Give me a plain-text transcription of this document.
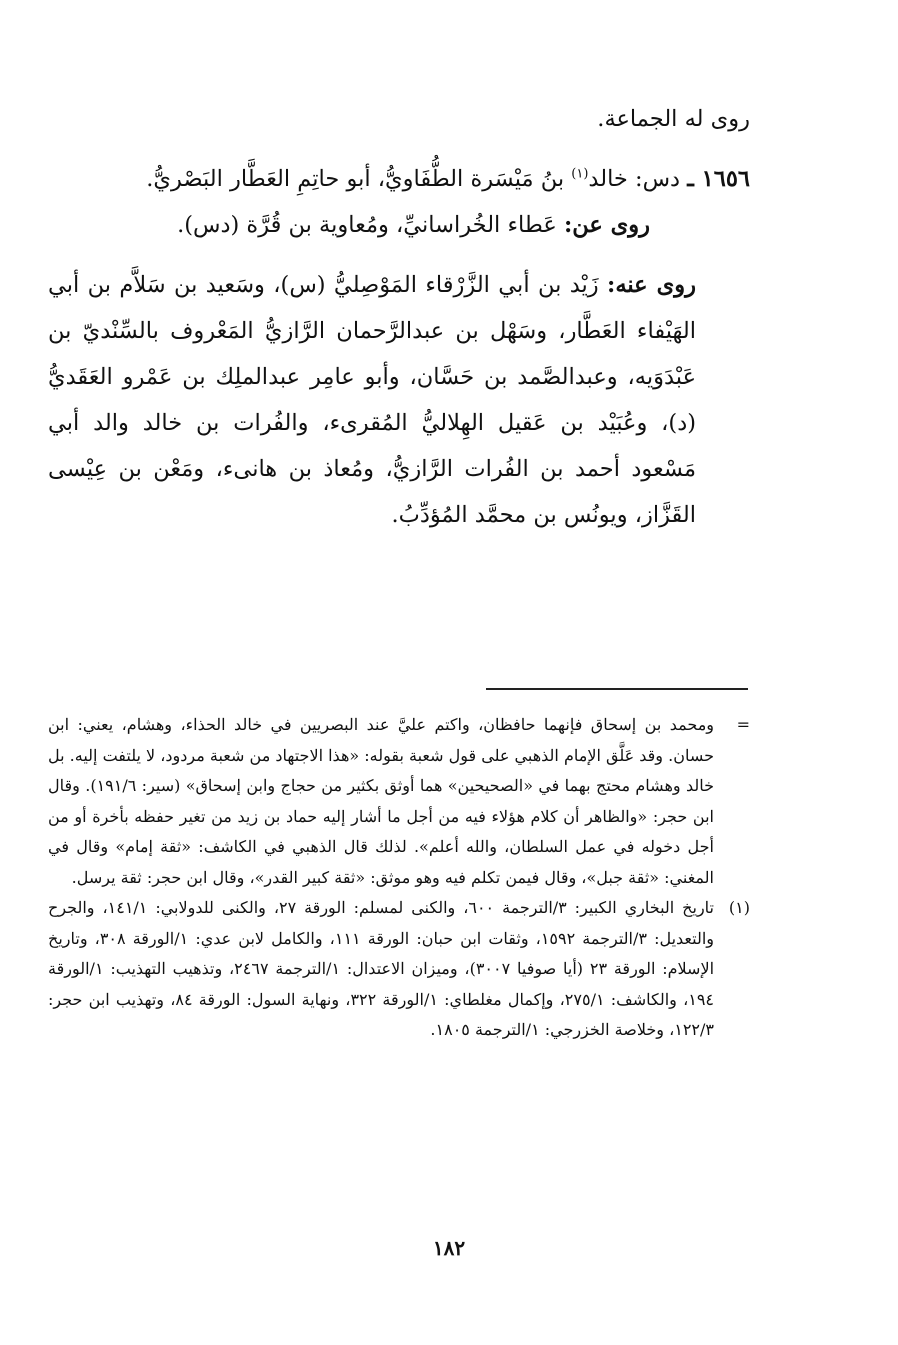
روى له الجماعة.

١٦٥٦ ـ دس: خالد$^{(١)}$ بنُ مَيْسَرة الطُّفَاويُّ، أبو حاتِمِ العَطَّار البَصْريُّ.

روى عن: عَطاء الخُراسانيِّ، ومُعاوية بن قُرَّة (دس).

روى عنه: زَيْد بن أبي الزَّرْقاء المَوْصِليُّ (س)، وسَعيد بن سَلاَّم بن أبي الهَيْفاء العَطَّار، وسَهْل بن عبدالرَّحمان الرَّازيُّ المَعْروف بالسِّنْديّ بن عَبْدَوَيه، وعبدالصَّمد بن حَسَّان، وأبو عامِر عبدالملِك بن عَمْرو العَقَديُّ (د)، وعُبَيْد بن عَقيل الهِلاليُّ المُقرىء، والفُرات بن خالد والد أبي مَسْعود أحمد بن الفُرات الرَّازيُّ، ومُعاذ بن هانىء، ومَعْن بن عِيْسى القَزَّاز، ويونُس بن محمَّد المُؤدِّبُ.

=
ومحمد بن إسحاق فإنهما حافظان، واكتم عليَّ عند البصريين في خالد الحذاء، وهشام، يعني: ابن حسان. وقد عَلَّق الإمام الذهبي على قول شعبة بقوله: «هذا الاجتهاد من شعبة مردود، لا يلتفت إليه. بل خالد وهشام محتج بهما في «الصحيحين» هما أوثق بكثير من حجاج وابن إسحاق» (سير: ١٩١/٦). وقال ابن حجر: «والظاهر أن كلام هؤلاء فيه من أجل ما أشار إليه حماد بن زيد من تغير حفظه بأخرة أو من أجل دخوله في عمل السلطان، والله أعلم». لذلك قال الذهبي في الكاشف: «ثقة إمام» وقال في المغني: «ثقة جبل»، وقال فيمن تكلم فيه وهو موثق: «ثقة كبير القدر»، وقال ابن حجر: ثقة يرسل.

(١)
تاريخ البخاري الكبير: ٣/الترجمة ٦٠٠، والكنى لمسلم: الورقة ٢٧، والكنى للدولابي: ١٤١/١، والجرح والتعديل: ٣/الترجمة ١٥٩٢، وثقات ابن حبان: الورقة ١١١، والكامل لابن عدي: ١/الورقة ٣٠٨، وتاريخ الإسلام: الورقة ٢٣ (أيا صوفيا ٣٠٠٧)، وميزان الاعتدال: ١/الترجمة ٢٤٦٧، وتذهيب التهذيب: ١/الورقة ١٩٤، والكاشف: ٢٧٥/١، وإكمال مغلطاي: ١/الورقة ٣٢٢، ونهاية السول: الورقة ٨٤، وتهذيب ابن حجر: ١٢٢/٣، وخلاصة الخزرجي: ١/الترجمة ١٨٠٥.

١٨٢
